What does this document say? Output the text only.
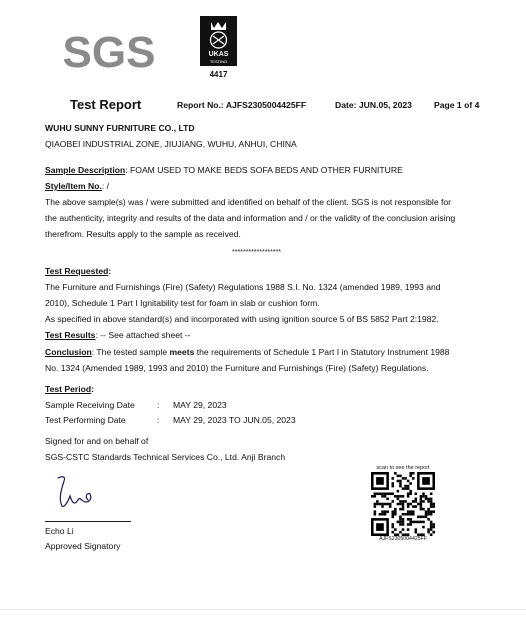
SGS	UKAS
TESTING
4417
Test Report	Report No.: AJFS2305004425FF	Date: JUN.05, 2023	Page 1 of 4
WUHU SUNNY FURNITURE CO., LTD
QIAOBEI INDUSTRIAL ZONE, JIUJIANG, WUHU, ANHUI, CHINA
Sample Description: FOAM USED TO MAKE BEDS SOFA BEDS AND OTHER FURNITURE
Style/Item No.: /
The above sample(s) was / were submitted and identified on behalf of the client. SGS is not responsible for
the authenticity, integrity and results of the data and information and / or the validity of the conclusion arising
therefrom. Results apply to the sample as received.
******************
Test Requested:
The Furniture and Furnishings (Fire) (Safety) Regulations 1988 S.I. No. 1324 (amended 1989, 1993 and
2010), Schedule 1 Part I Ignitability test for foam in slab or cushion form.
As specified in above standard(s) and incorporated with using ignition source 5 of BS 5852 Part 2:1982.
Test Results: -- See attached sheet --
Conclusion: The tested sample meets the requirements of Schedule 1 Part I in Statutory Instrument 1988
No. 1324 (Amended 1989, 1993 and 2010) the Furniture and Furnishings (Fire) (Safety) Regulations.
Test Period:
Sample Receiving Date	: MAY 29, 2023
Test Performing Date	: MAY 29, 2023 TO JUN.05, 2023
Signed for and on behalf of
SGS-CSTC Standards Technical Services Co., Ltd. Anji Branch
Echo Li
Approved Signatory
scan to see the report
AJFS2305004425FF
